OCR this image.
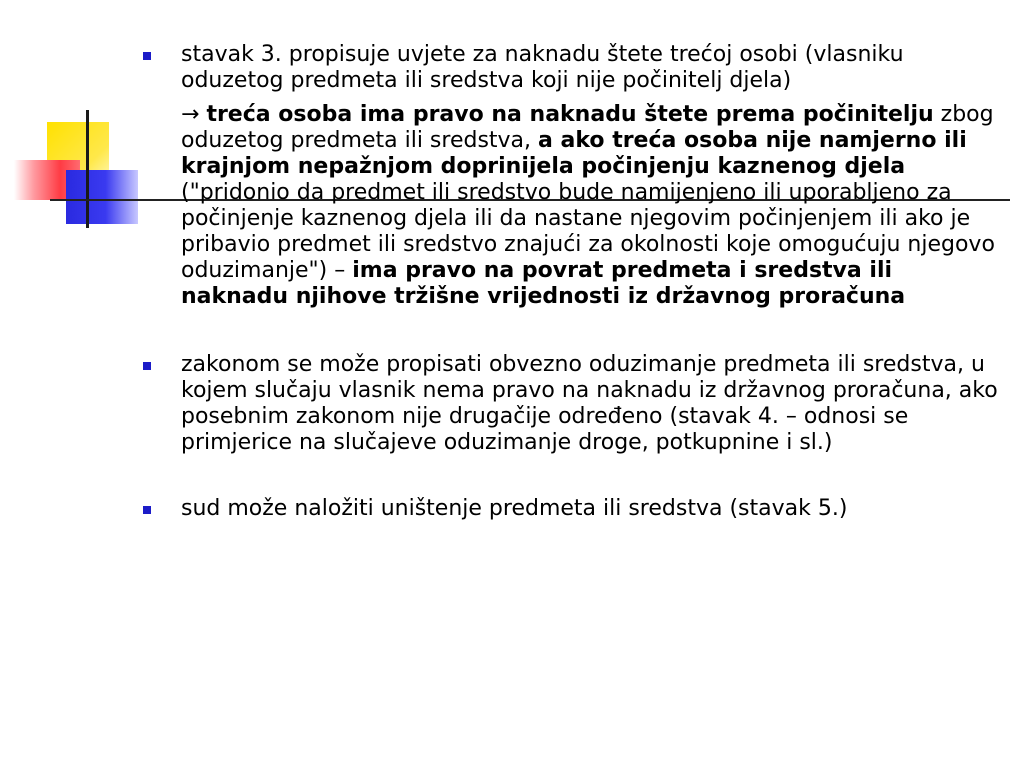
stavak 3. propisuje uvjete za naknadu štete trećoj osobi (vlasniku oduzetog predmeta ili sredstva koji nije počinitelj djela)

→ treća osoba ima pravo na naknadu štete prema počinitelju zbog oduzetog predmeta ili sredstva, a ako treća osoba nije namjerno ili krajnjom nepažnjom doprinijela počinjenju kaznenog djela ("pridonio da predmet ili sredstvo bude namijenjeno ili uporabljeno za počinjenje kaznenog djela ili da nastane njegovim počinjenjem ili ako je pribavio predmet ili sredstvo znajući za okolnosti koje omogućuju njegovo oduzimanje") – ima pravo na povrat predmeta i sredstva ili naknadu njihove tržišne vrijednosti iz državnog proračuna

zakonom se može propisati obvezno oduzimanje predmeta ili sredstva, u kojem slučaju vlasnik nema pravo na naknadu iz državnog proračuna, ako posebnim zakonom nije drugačije određeno (stavak 4. – odnosi se primjerice na slučajeve oduzimanje droge, potkupnine i sl.)

sud može naložiti uništenje predmeta ili sredstva (stavak 5.)
